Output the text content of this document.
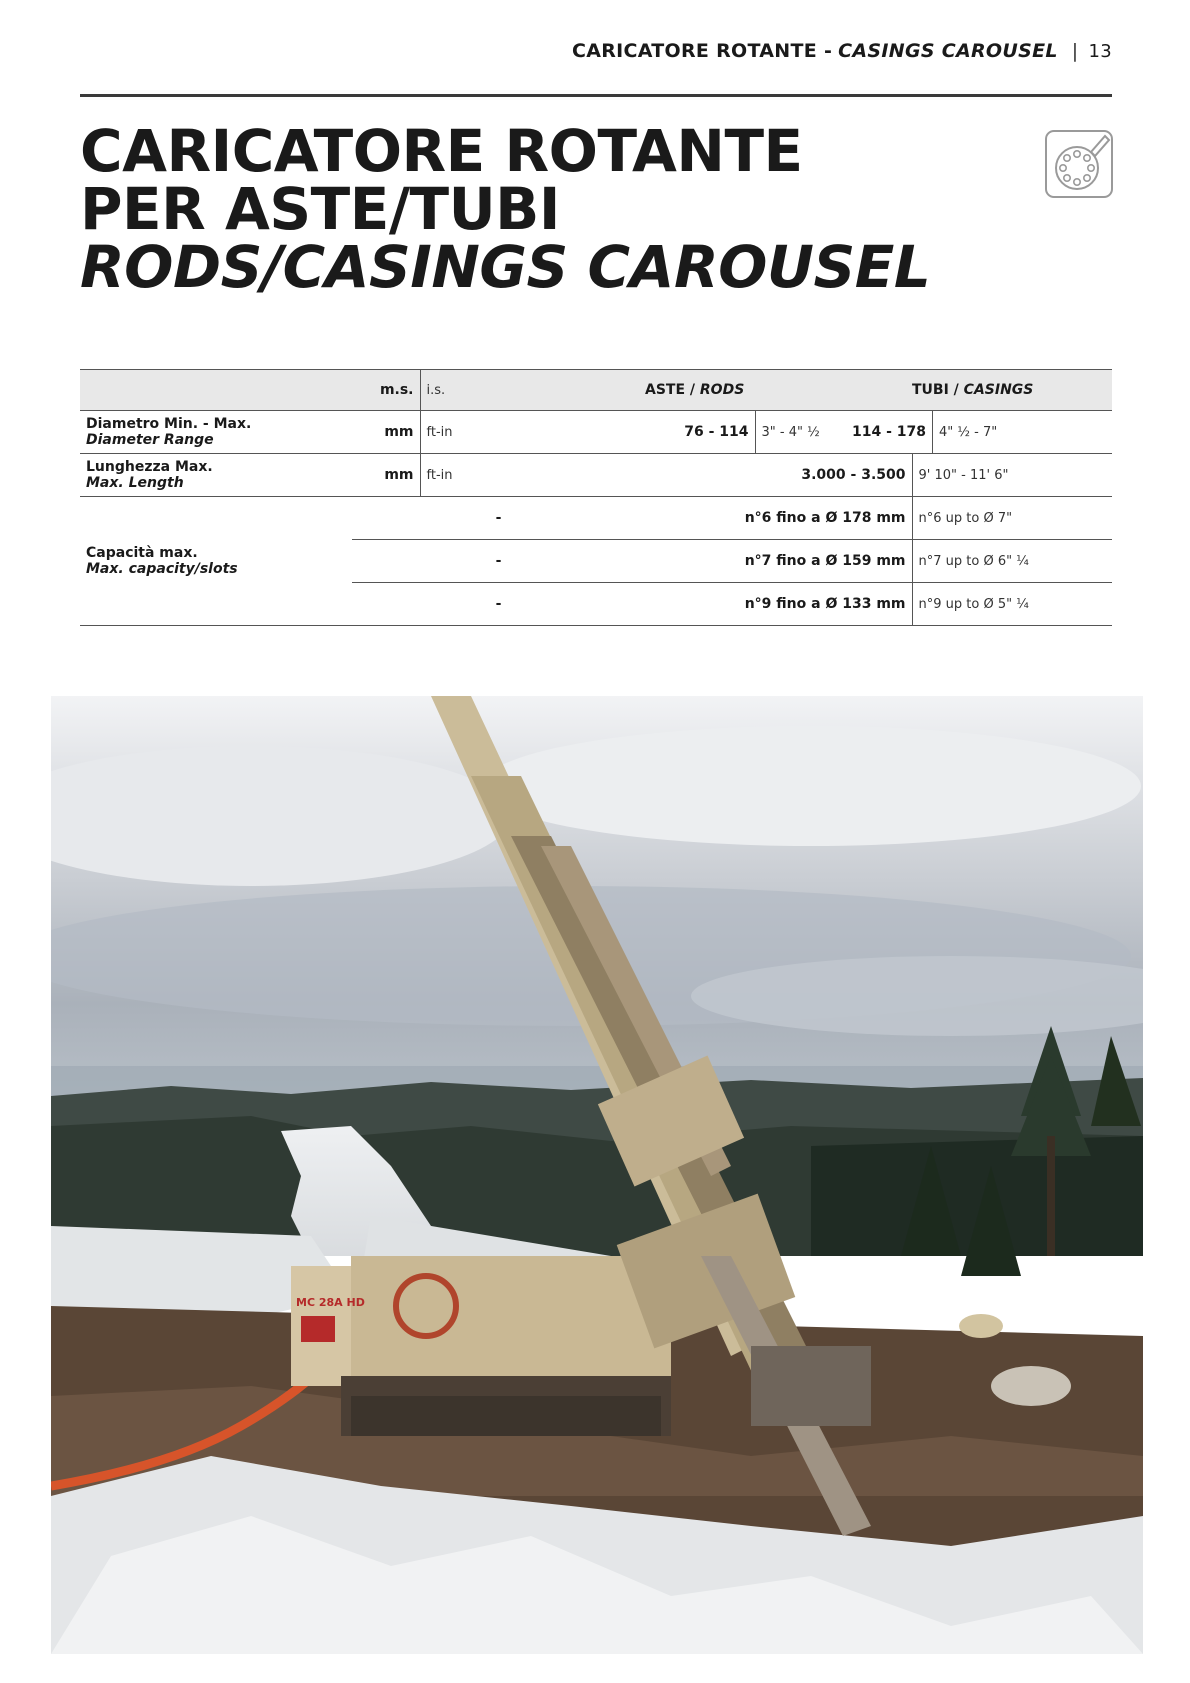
CARICATORE ROTANTE - CASINGS CAROUSEL | 13
CARICATORE ROTANTE
PER ASTE/TUBI
RODS/CASINGS CAROUSEL
	m.s.	i.s.	ASTE / RODS		TUBI / CASINGS

Diametro Min. - Max.
Diameter Range	mm	ft-in	76 - 114	3" - 4" ½	114 - 178 4" ½ - 7"

Lunghezza Max.
Max. Length	mm	ft-in	3.000 - 3.500		9' 10" - 11' 6"

Capacità max.
Max. capacity/slots	-		n°6 fino a Ø 178 mm		n°6 up to Ø 7"
	-		n°7 fino a Ø 159 mm		n°7 up to Ø 6" ¼
	-		n°9 fino a Ø 133 mm		n°9 up to Ø 5" ¼
MC 28A HD
